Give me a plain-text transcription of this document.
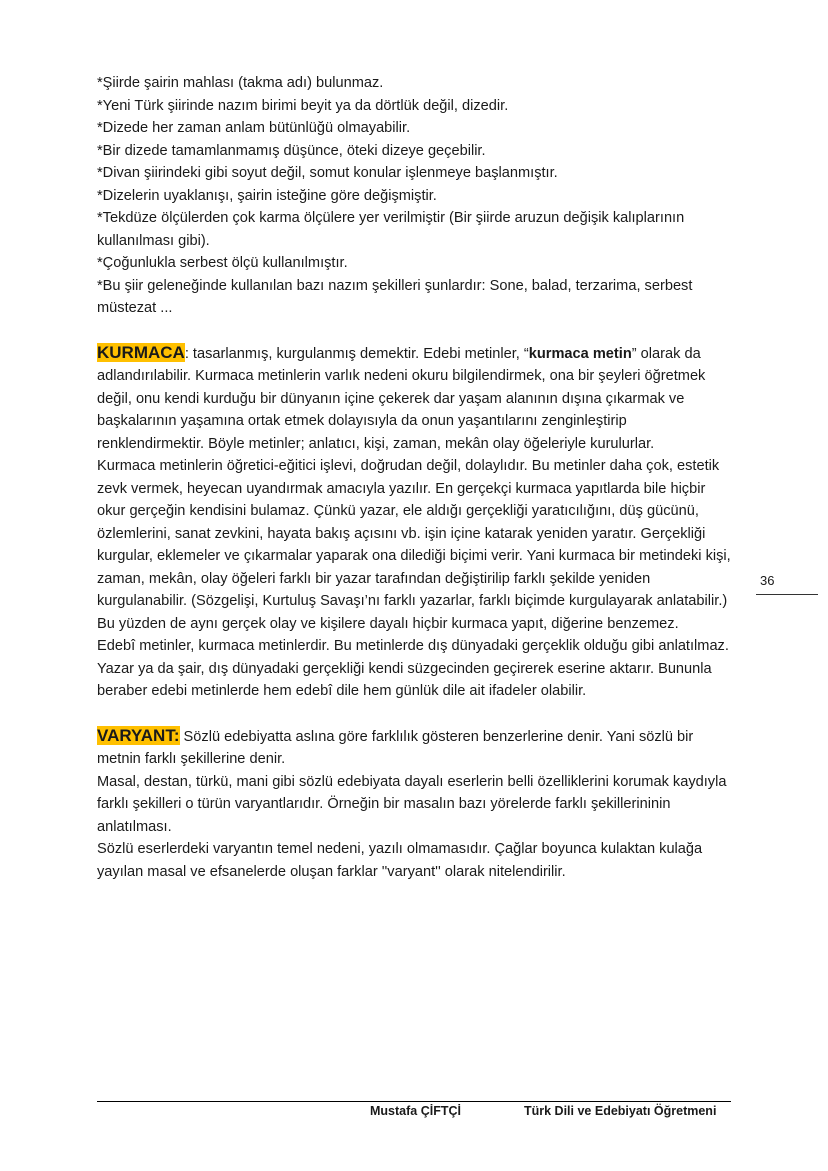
*Şiirde şairin mahlası (takma adı) bulunmaz.

*Yeni Türk şiirinde nazım birimi beyit ya da dörtlük değil, dizedir.

*Dizede her zaman anlam bütünlüğü olmayabilir.

*Bir dizede tamamlanmamış düşünce, öteki dizeye geçebilir.

*Divan şiirindeki gibi soyut değil, somut konular işlenmeye başlanmıştır.

*Dizelerin uyaklanışı, şairin isteğine göre değişmiştir.

*Tekdüze ölçülerden çok karma ölçülere yer verilmiştir (Bir şiirde aruzun değişik kalıplarının kullanılması gibi).

*Çoğunlukla serbest ölçü kullanılmıştır.

*Bu şiir geleneğinde kullanılan bazı nazım şekilleri şunlardır: Sone, balad, terzarima, serbest müstezat ...

KURMACA: tasarlanmış, kurgulanmış demektir. Edebi metinler, “kurmaca metin” olarak da adlandırılabilir. Kurmaca metinlerin varlık nedeni okuru bilgilendirmek, ona bir şeyleri öğretmek değil, onu kendi kurduğu bir dünyanın içine çekerek dar yaşam alanının dışına çıkarmak ve başkalarının yaşamına ortak etmek dolayısıyla da onun yaşantılarını zenginleştirip renklendirmektir. Böyle metinler; anlatıcı, kişi, zaman, mekân olay öğeleriyle kurulurlar.

Kurmaca metinlerin öğretici-eğitici işlevi, doğrudan değil, dolaylıdır. Bu metinler daha çok, estetik zevk vermek, heyecan uyandırmak amacıyla yazılır. En gerçekçi kurmaca yapıtlarda bile hiçbir okur gerçeğin kendisini bulamaz. Çünkü yazar, ele aldığı gerçekliği yaratıcılığını, düş gücünü, özlemlerini, sanat zevkini, hayata bakış açısını vb. işin içine katarak yeniden yaratır. Gerçekliği kurgular, eklemeler ve çıkarmalar yaparak ona dilediği biçimi verir. Yani kurmaca bir metindeki kişi, zaman, mekân, olay öğeleri farklı bir yazar tarafından değiştirilip farklı şekilde yeniden kurgulanabilir. (Sözgelişi, Kurtuluş Savaşı’nı farklı yazarlar, farklı biçimde kurgulayarak anlatabilir.) Bu yüzden de aynı gerçek olay ve kişilere dayalı hiçbir kurmaca yapıt, diğerine benzemez.

Edebî metinler, kurmaca metinlerdir. Bu metinlerde dış dünyadaki gerçeklik olduğu gibi anlatılmaz. Yazar ya da şair, dış dünyadaki gerçekliği kendi süzgecinden geçirerek eserine aktarır. Bununla beraber edebi metinlerde hem edebî dile hem günlük dile ait ifadeler olabilir.

VARYANT: Sözlü edebiyatta aslına göre farklılık gösteren benzerlerine denir. Yani sözlü bir metnin farklı şekillerine denir.

Masal, destan, türkü, mani gibi sözlü edebiyata dayalı eserlerin belli özelliklerini korumak kaydıyla farklı şekilleri o türün varyantlarıdır. Örneğin bir masalın bazı yörelerde farklı şekillerininin anlatılması.

Sözlü eserlerdeki varyantın temel nedeni, yazılı olmamasıdır. Çağlar boyunca kulaktan kulağa yayılan masal ve efsanelerde oluşan farklar ''varyant'' olarak nitelendirilir.

36
Mustafa ÇİFTÇİ	Türk Dili ve Edebiyatı Öğretmeni
